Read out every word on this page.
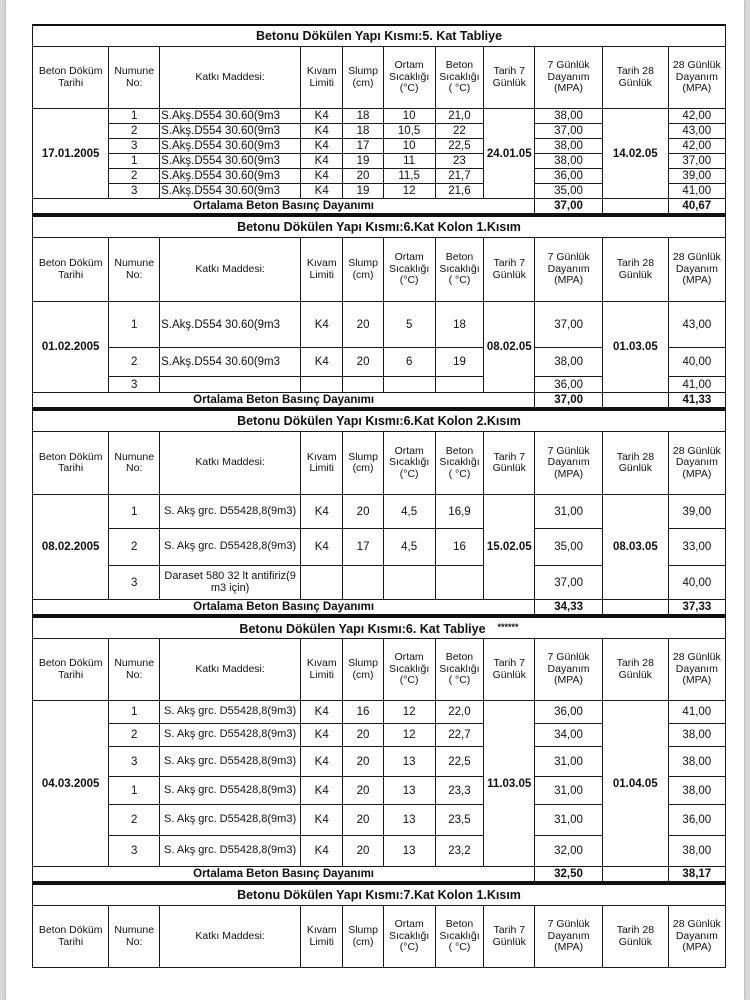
Betonu Dökülen Yapı Kısmı:5. Kat Tabliye										
Beton Döküm Tarihi	Numune No:	Katkı Maddesi:	Kıvam Limiti	Slump (cm)	Ortam Sıcaklığı (°C)	Beton Sıcaklığı ( °C)	Tarih 7 Günlük	7 Günlük Dayanım (MPA)	Tarih 28 Günlük	28 Günlük Dayanım (MPA)
17.01.2005	1	S.Akş.D554 30.60(9m3	K4	18	10	21,0	24.01.05	38,00	14.02.05	42,00
	2	S.Akş.D554 30.60(9m3	K4	18	10,5	22		37,00		43,00
	3	S.Akş.D554 30.60(9m3	K4	17	10	22,5		38,00		42,00
	1	S.Akş.D554 30.60(9m3	K4	19	11	23		38,00		37,00
	2	S.Akş.D554 30.60(9m3	K4	20	11,5	21,7		36,00		39,00
	3	S.Akş.D554 30.60(9m3	K4	19	12	21,6		35,00		41,00
Ortalama Beton Basınç Dayanımı								37,00		40,67
Betonu Dökülen Yapı Kısmı:6.Kat Kolon 1.Kısım										
Beton Döküm Tarihi	Numune No:	Katkı Maddesi:	Kıvam Limiti	Slump (cm)	Ortam Sıcaklığı (°C)	Beton Sıcaklığı ( °C)	Tarih 7 Günlük	7 Günlük Dayanım (MPA)	Tarih 28 Günlük	28 Günlük Dayanım (MPA)
01.02.2005	1	S.Akş.D554 30.60(9m3	K4	20	5	18	08.02.05	37,00	01.03.05	43,00
	2	S.Akş.D554 30.60(9m3	K4	20	6	19		38,00		40,00
	3							36,00		41,00
Ortalama Beton Basınç Dayanımı								37,00		41,33
Betonu Dökülen Yapı Kısmı:6.Kat Kolon 2.Kısım										
Beton Döküm Tarihi	Numune No:	Katkı Maddesi:	Kıvam Limiti	Slump (cm)	Ortam Sıcaklığı (°C)	Beton Sıcaklığı ( °C)	Tarih 7 Günlük	7 Günlük Dayanım (MPA)	Tarih 28 Günlük	28 Günlük Dayanım (MPA)
08.02.2005	1	S. Akş grc. D55428,8(9m3)	K4	20	4,5	16,9	15.02.05	31,00	08.03.05	39,00
	2	S. Akş grc. D55428,8(9m3)	K4	17	4,5	16		35,00		33,00
	3	Daraset 580 32 lt antifiriz(9 m3 için)						37,00		40,00
Ortalama Beton Basınç Dayanımı								34,33		37,33
Betonu Dökülen Yapı Kısmı:6. Kat Tabliye ******
Beton Döküm Tarihi	Numune No:	Katkı Maddesi:	Kıvam Limiti	Slump (cm)	Ortam Sıcaklığı (°C)	Beton Sıcaklığı ( °C)	Tarih 7 Günlük	7 Günlük Dayanım (MPA)	Tarih 28 Günlük	28 Günlük Dayanım (MPA)
04.03.2005	1	S. Akş grc. D55428,8(9m3)	K4	16	12	22,0	11.03.05	36,00	01.04.05	41,00
	2	S. Akş grc. D55428,8(9m3)	K4	20	12	22,7		34,00		38,00
	3	S. Akş grc. D55428,8(9m3)	K4	20	13	22,5		31,00		38,00
	1	S. Akş grc. D55428,8(9m3)	K4	20	13	23,3		31,00		38,00
	2	S. Akş grc. D55428,8(9m3)	K4	20	13	23,5		31,00		36,00
	3	S. Akş grc. D55428,8(9m3)	K4	20	13	23,2		32,00		38,00
Ortalama Beton Basınç Dayanımı								32,50		38,17
Betonu Dökülen Yapı Kısmı:7.Kat Kolon 1.Kısım
Beton Döküm Tarihi	Numune No:	Katkı Maddesi:	Kıvam Limiti	Slump (cm)	Ortam Sıcaklığı (°C)	Beton Sıcaklığı ( °C)	Tarih 7 Günlük	7 Günlük Dayanım (MPA)	Tarih 28 Günlük	28 Günlük Dayanım (MPA)
